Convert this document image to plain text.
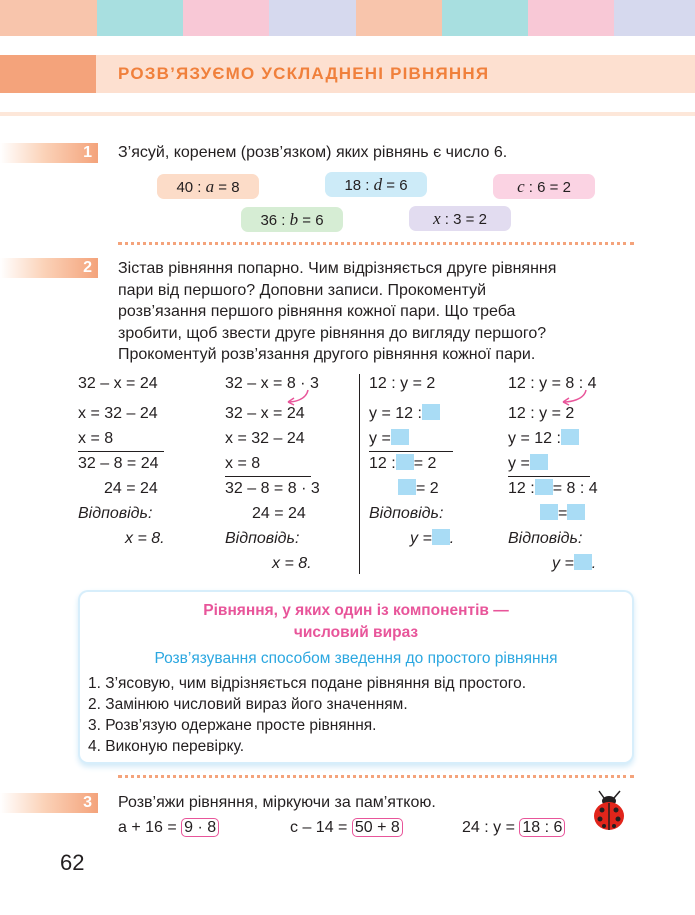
РОЗВ’ЯЗУЄМО УСКЛАДНЕНІ РІВНЯННЯ
1 З’ясуй, коренем (розв’язком) яких рівнянь є число 6.
40 : a = 8	18 : d = 6	c : 6 = 2
36 : b = 6	x : 3 = 2
2 Зістав рівняння попарно. Чим відрізняється друге рівняння
пари від першого? Доповни записи. Прокоментуй
розв’язання першого рівняння кожної пари. Що треба
зробити, щоб звести друге рівняння до вигляду першого?
Прокоментуй розв’язання другого рівняння кожної пари.
32 – x = 24
x = 32 – 24
x = 8
32 – 8 = 24
24 = 24
Відповідь:
x = 8.
32 – x = 8 · 3
32 – x = 24
x = 32 – 24
x = 8
32 – 8 = 8 · 3
24 = 24
Відповідь:
x = 8.
12 : y = 2
y = 12 :
y =
12 : = 2
= 2
Відповідь:
y = .
12 : y = 8 : 4
12 : y = 2
y = 12 :
y =
12 : = 8 : 4
=
Відповідь:
y = .
Рівняння, у яких один із компонентів —
числовий вираз
Розв’язування способом зведення до простого рівняння
1. З’ясовую, чим відрізняється подане рівняння від простого.
2. Замінюю числовий вираз його значенням.
3. Розв’язую одержане просте рівняння.
4. Виконую перевірку.
3 Розв’яжи рівняння, міркуючи за пам’яткою.
a + 16 = 9 · 8	c – 14 = 50 + 8	24 : y = 18 : 6
62
